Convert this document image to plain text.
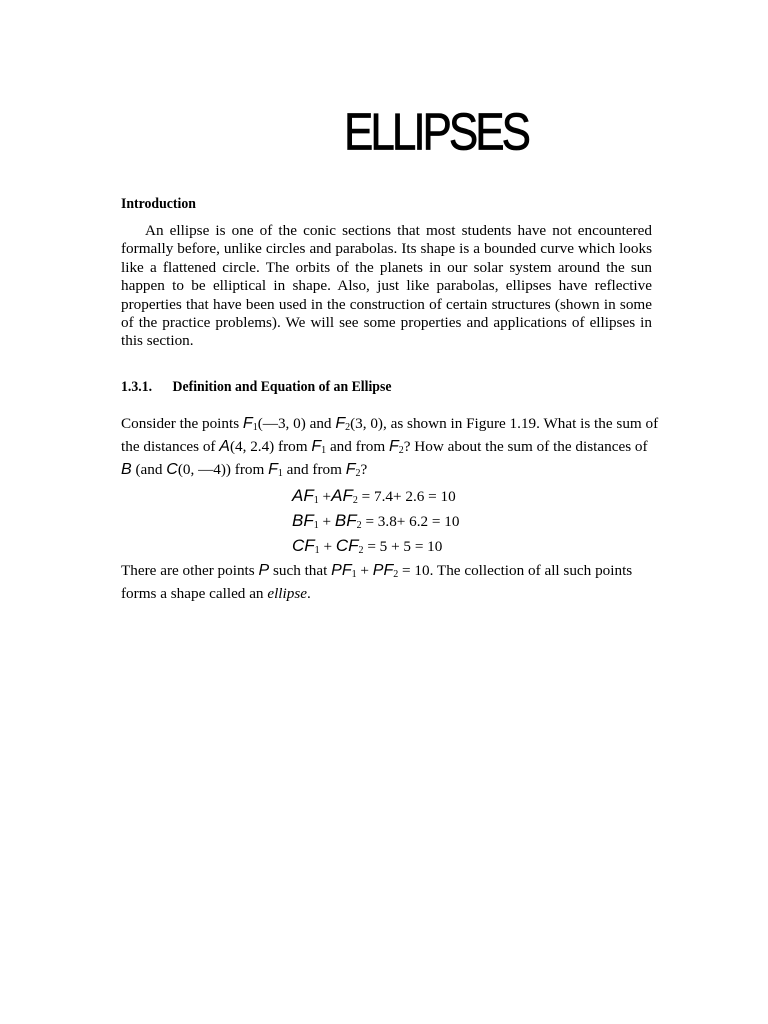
ELLIPSES
Introduction

An ellipse is one of the conic sections that most students have not encountered formally before, unlike circles and parabolas. Its shape is a bounded curve which looks like a flattened circle. The orbits of the planets in our solar system around the sun happen to be elliptical in shape. Also, just like parabolas, ellipses have reflective properties that have been used in the construction of certain structures (shown in some of the practice problems). We will see some properties and applications of ellipses in this section.

1.3.1. Definition and Equation of an Ellipse

Consider the points $F_1(—3$, 0) and $F_2(3$, 0), as shown in Figure 1.19. What is the sum of the distances of A(4, 2.4) from $F_1$ and from $F_2$? How about the sum of the distances of B (and C(0, —4)) from $F_1$ and from $F_2$?

$AF_1 +AF_2 = 7.4+ 2.6 = 10$
$BF_1 + BF_2 = 3.8+ 6.2 = 10$
$CF_1 + CF_2 = 5 + 5 = 10$

There are other points P such that $PF_1 + PF_2 = 10$. The collection of all such points forms a shape called an ellipse.
